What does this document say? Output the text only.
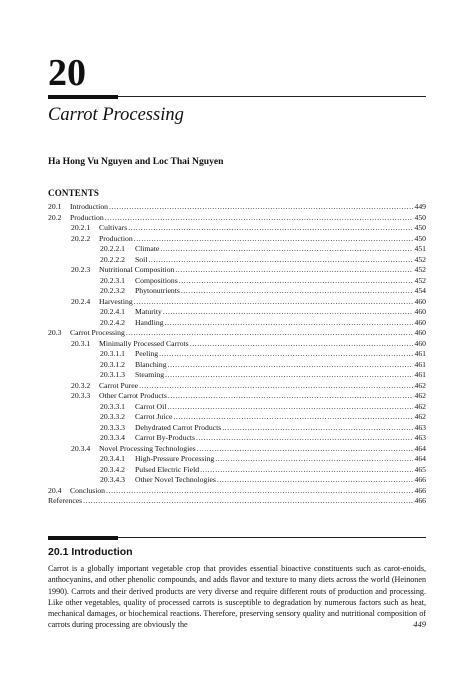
20
Carrot Processing
Ha Hong Vu Nguyen and Loc Thai Nguyen
CONTENTS
20.1	Introduction .....	449
20.2	Production .....	450
20.2.1	Cultivars .....	450
20.2.2	Production .....	450
20.2.2.1	Climate .....	451
20.2.2.2	Soil .....	452
20.2.3	Nutritional Composition .....	452
20.2.3.1	Compositions .....	452
20.2.3.2	Phytonutrients .....	454
20.2.4	Harvesting .....	460
20.2.4.1	Maturity .....	460
20.2.4.2	Handling .....	460
20.3	Carrot Processing .....	460
20.3.1	Minimally Processed Carrots .....	460
20.3.1.1	Peeling .....	461
20.3.1.2	Blanching .....	461
20.3.1.3	Steaming .....	461
20.3.2	Carrot Puree .....	462
20.3.3	Other Carrot Products .....	462
20.3.3.1	Carrot Oil .....	462
20.3.3.2	Carrot Juice .....	462
20.3.3.3	Dehydrated Carrot Products .....	463
20.3.3.4	Carrot By-Products .....	463
20.3.4	Novel Processing Technologies .....	464
20.3.4.1	High-Pressure Processing .....	464
20.3.4.2	Pulsed Electric Field .....	465
20.3.4.3	Other Novel Technologies .....	466
20.4	Conclusion .....	466
References .....	466
20.1 Introduction
Carrot is a globally important vegetable crop that provides essential bioactive constituents such as carot-enoids, anthocyanins, and other phenolic compounds, and adds flavor and texture to many diets across the world (Heinonen 1990). Carrots and their derived products are very diverse and require different routs of production and processing. Like other vegetables, quality of processed carrots is susceptible to degradation by numerous factors such as heat, mechanical damages, or biochemical reactions. Therefore, preserving sensory quality and nutritional composition of carrots during processing are obviously the	449
